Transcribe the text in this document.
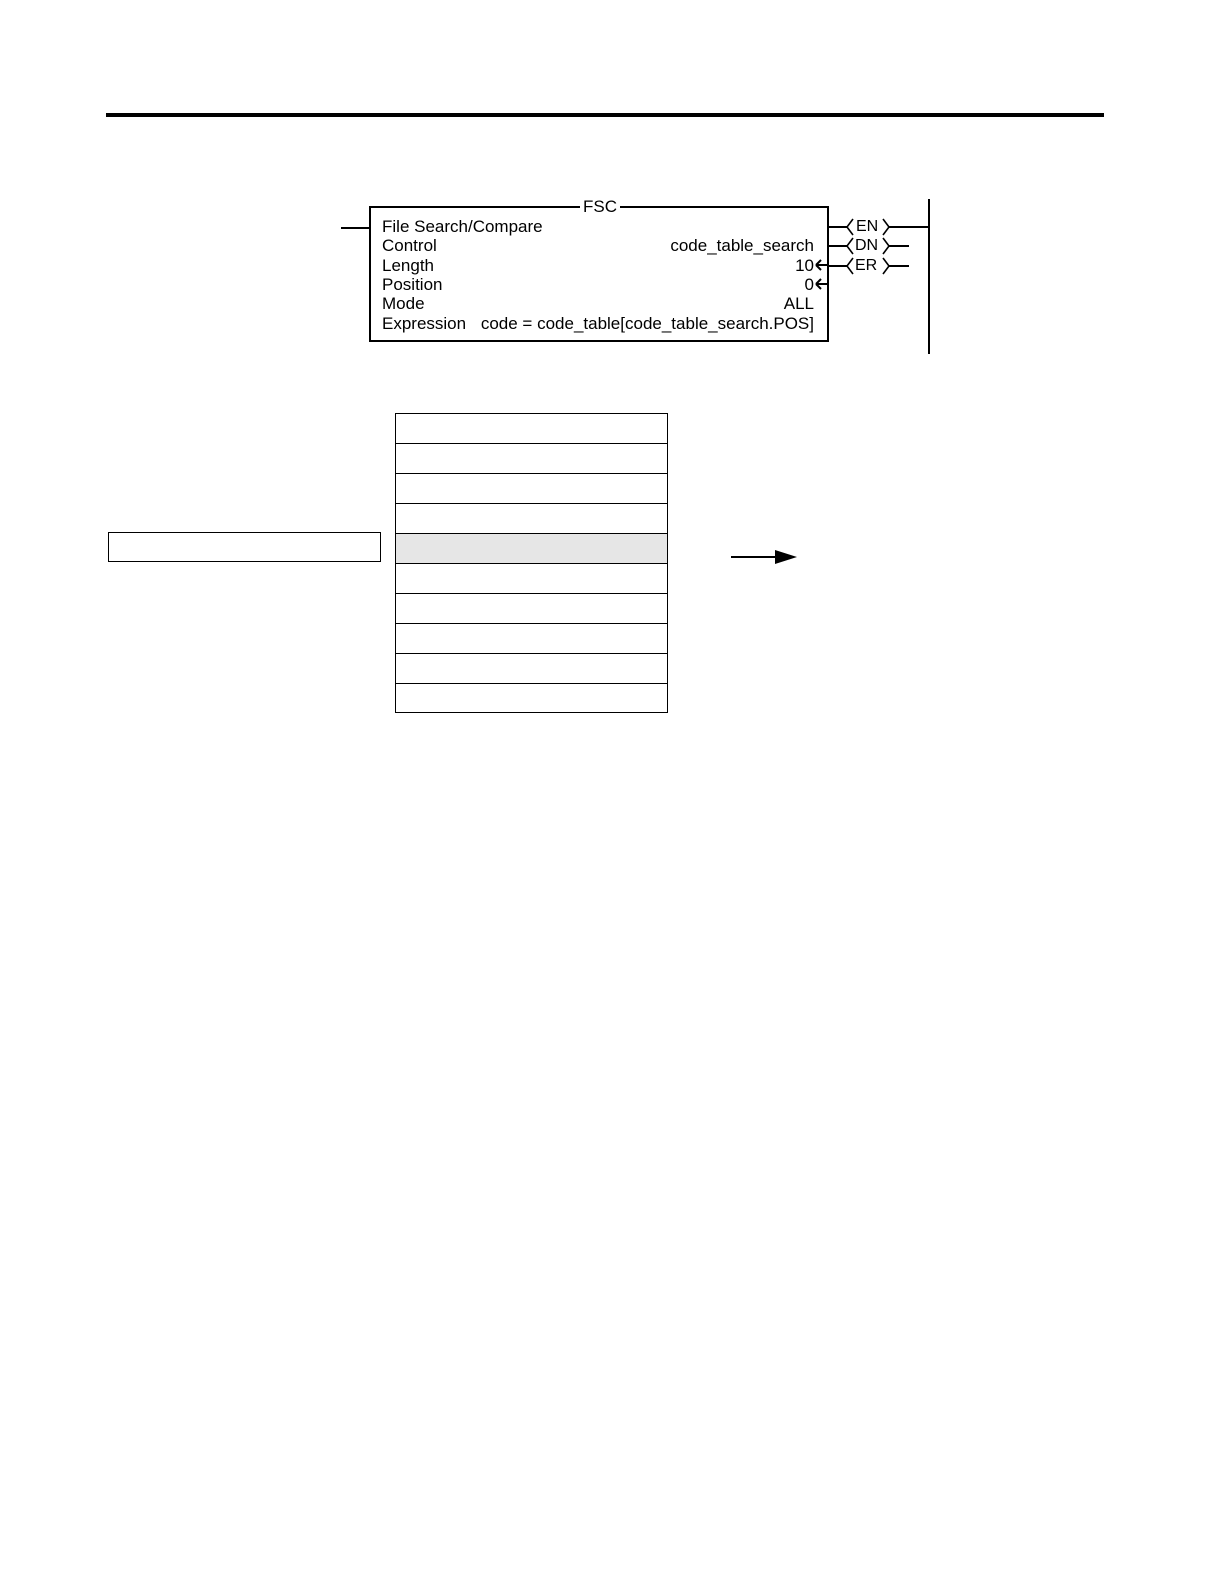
FSC
File Search/Compare
Control	code_table_search
Length	10
Position	0
Mode	ALL
Expression code = code_table[code_table_search.POS]
EN
DN
ER
